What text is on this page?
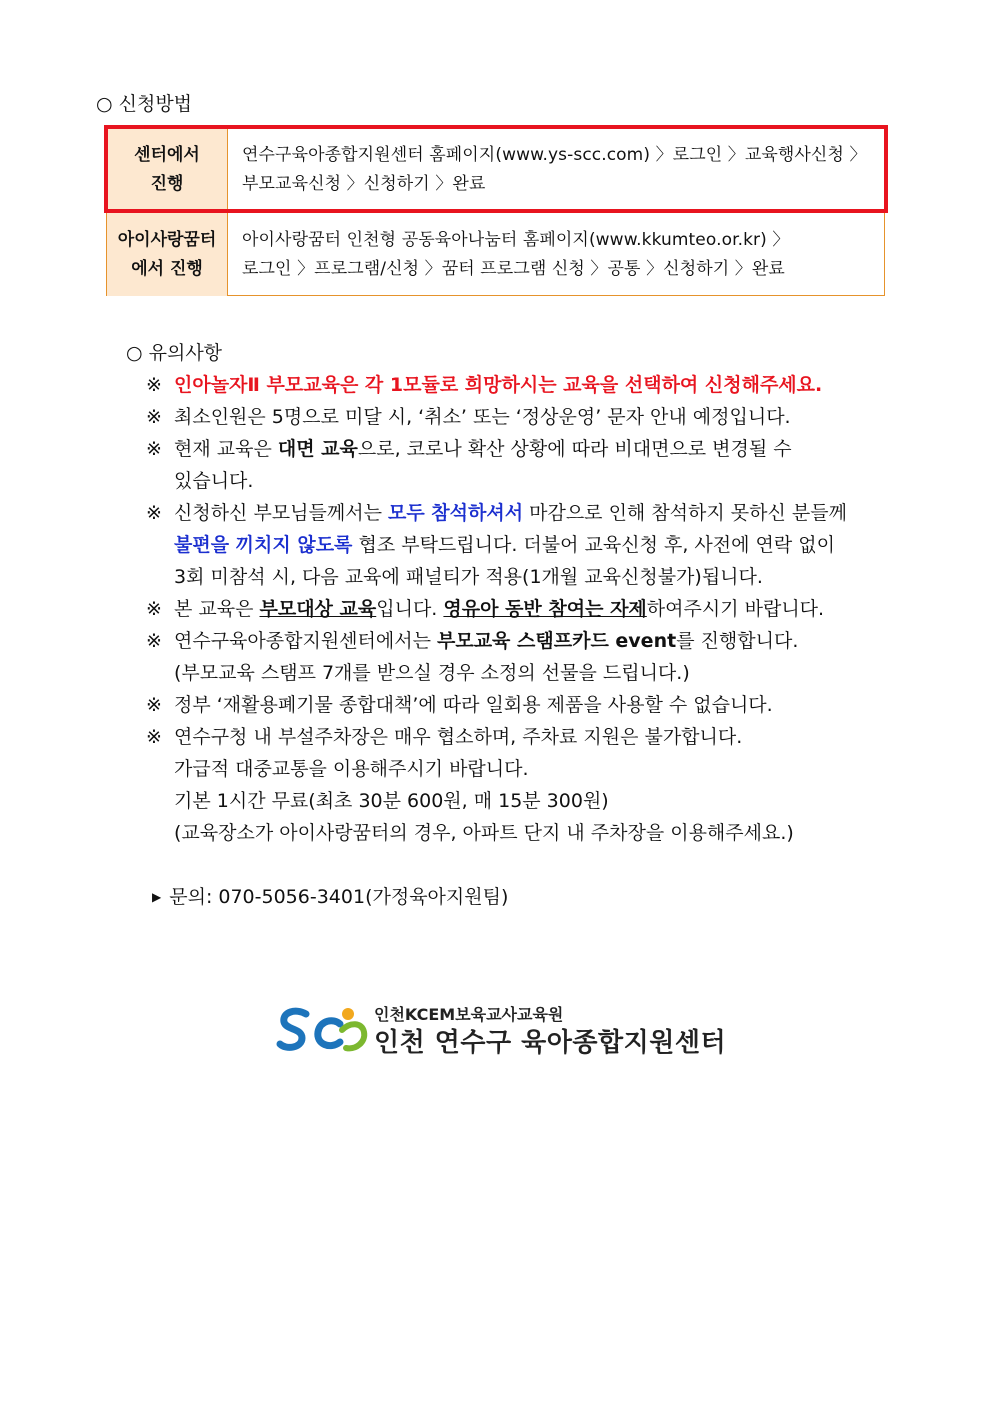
○ 신청방법
센터에서
진행
연수구육아종합지원센터 홈페이지(www.ys-scc.com) 〉로그인 〉교육행사신청 〉
부모교육신청 〉신청하기 〉완료
아이사랑꿈터
에서 진행
아이사랑꿈터 인천형 공동육아나눔터 홈페이지(www.kkumteo.or.kr) 〉
로그인 〉프로그램/신청 〉꿈터 프로그램 신청 〉공통 〉신청하기 〉완료
○ 유의사항
※ 인아놀자Ⅱ 부모교육은 각 1모듈로 희망하시는 교육을 선택하여 신청해주세요.
※ 최소인원은 5명으로 미달 시, ‘취소’ 또는 ‘정상운영’ 문자 안내 예정입니다.
※ 현재 교육은 대면 교육으로, 코로나 확산 상황에 따라 비대면으로 변경될 수
있습니다.
※ 신청하신 부모님들께서는 모두 참석하셔서 마감으로 인해 참석하지 못하신 분들께
불편을 끼치지 않도록 협조 부탁드립니다. 더불어 교육신청 후, 사전에 연락 없이
3회 미참석 시, 다음 교육에 패널티가 적용(1개월 교육신청불가)됩니다.
※ 본 교육은 부모대상 교육입니다. 영유아 동반 참여는 자제하여주시기 바랍니다.
※ 연수구육아종합지원센터에서는 부모교육 스탬프카드 event를 진행합니다.
(부모교육 스탬프 7개를 받으실 경우 소정의 선물을 드립니다.)
※ 정부 ‘재활용폐기물 종합대책’에 따라 일회용 제품을 사용할 수 없습니다.
※ 연수구청 내 부설주차장은 매우 협소하며, 주차료 지원은 불가합니다.
가급적 대중교통을 이용해주시기 바랍니다.
기본 1시간 무료(최초 30분 600원, 매 15분 300원)
(교육장소가 아이사랑꿈터의 경우, 아파트 단지 내 주차장을 이용해주세요.)
▶ 문의: 070-5056-3401(가정육아지원팀)
인천KCEM보육교사교육원
인천 연수구 육아종합지원센터
